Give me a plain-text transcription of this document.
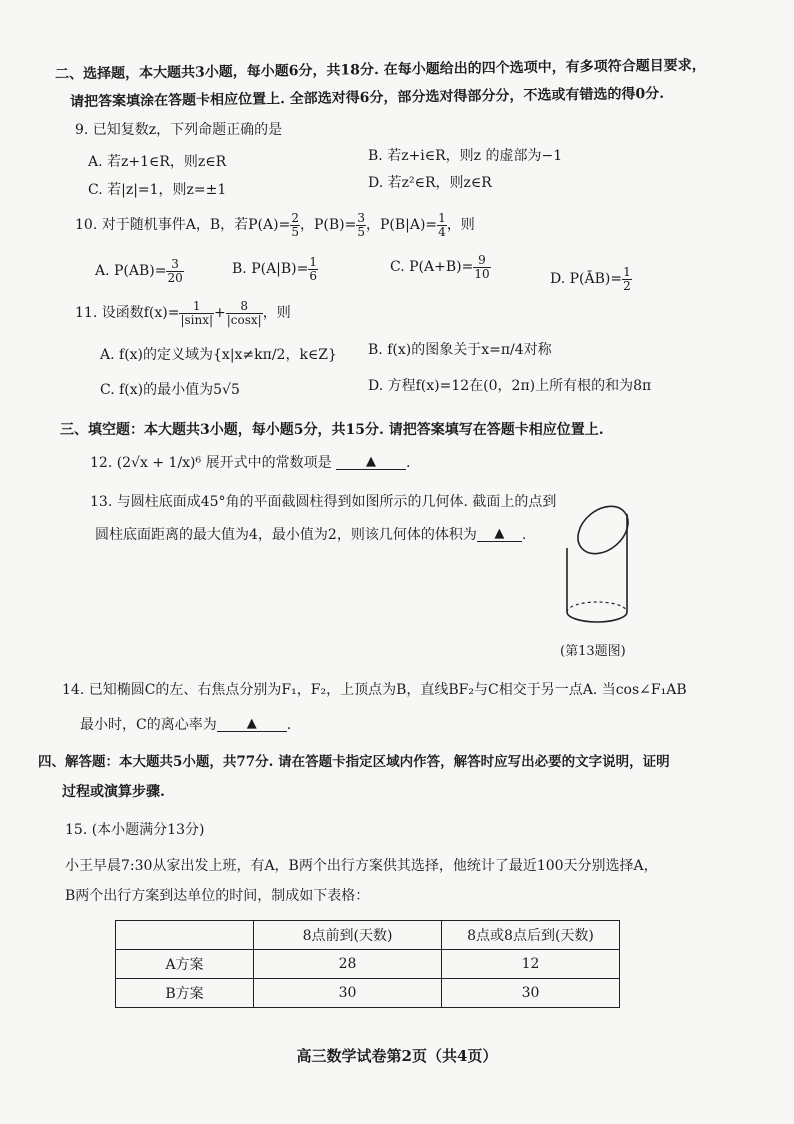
二、选择题，本大题共3小题，每小题6分，共18分. 在每小题给出的四个选项中，有多项符合题目要求，
请把答案填涂在答题卡相应位置上. 全部选对得6分，部分选对得部分分，不选或有错选的得0分.
9. 已知复数z，下列命题正确的是
A. 若z+1∈R，则z∈R	B. 若z+i∈R，则z 的虚部为−1
C. 若|z|=1，则z=±1	D. 若z²∈R，则z∈R
10. 对于随机事件A，B，若$P(A)= \frac{2}{5}$ ，$P(B)= \frac{3}{5}$ ，$P(B|A)= \frac{1}{4}$ ，则
A. $P(AB)= \frac{3}{20}$	B. $P(A|B)= \frac{1}{6}$	C. $P(A+B)= \frac{9}{10}$	D. P(ĀB)= $\frac{1}{2}$
11. 设函数$f(x)= \frac{1}{|\sin x|} + \frac{8}{|\cos x|}$ ，则
A. f(x)的定义域为{x|x≠kπ/2，k∈Z} B. f(x)的图象关于x=π/4对称
C. f(x)的最小值为5√5	D. 方程f(x)=12在(0，2π)上所有根的和为8π
三、填空题：本大题共3小题，每小题5分，共15分. 请把答案填写在答题卡相应位置上.
12. (2√x + 1/x)⁶ 展开式中的常数项是	▲ .
13. 与圆柱底面成45°角的平面截圆柱得到如图所示的几何体. 截面上的点到
圆柱底面距离的最大值为4，最小值为2，则该几何体的体积为 ▲ .
(第13题图)
14. 已知椭圆C的左、右焦点分别为F₁，F₂，上顶点为B，直线BF₂与C相交于另一点A. 当cos∠F₁AB
最小时，C的离心率为 ▲ .
四、解答题：本大题共5小题，共77分. 请在答题卡指定区域内作答，解答时应写出必要的文字说明，证明
过程或演算步骤.
15. (本小题满分13分)
小王早晨7:30从家出发上班，有A，B两个出行方案供其选择，他统计了最近100天分别选择A，
B两个出行方案到达单位的时间，制成如下表格：
	8点前到(天数)	8点或8点后到(天数)
A方案	28	12
B方案	30	30
高三数学试卷第2页（共4页）
